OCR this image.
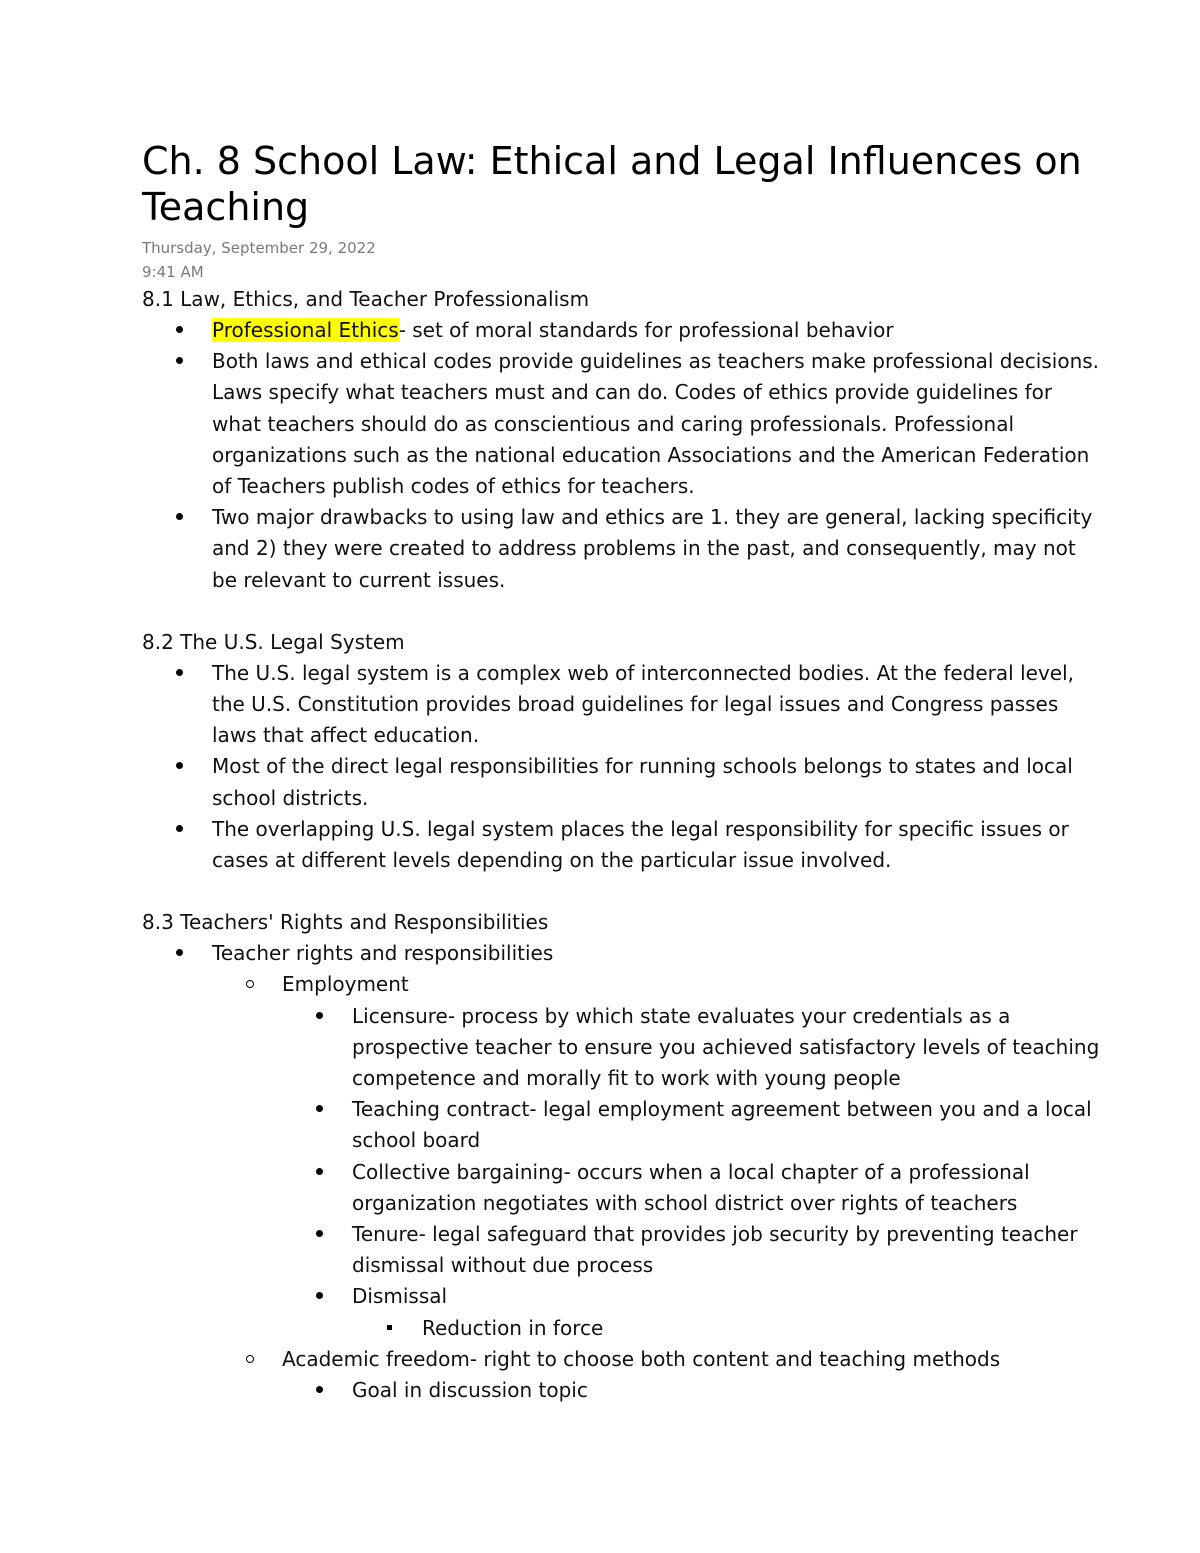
Ch. 8 School Law: Ethical and Legal Influences on Teaching
Thursday, September 29, 2022
9:41 AM
8.1 Law, Ethics, and Teacher Professionalism
Professional Ethics- set of moral standards for professional behavior
Both laws and ethical codes provide guidelines as teachers make professional decisions. Laws specify what teachers must and can do. Codes of ethics provide guidelines for what teachers should do as conscientious and caring professionals. Professional organizations such as the national education Associations and the American Federation of Teachers publish codes of ethics for teachers.
Two major drawbacks to using law and ethics are 1. they are general, lacking specificity and 2) they were created to address problems in the past, and consequently, may not be relevant to current issues.
8.2 The U.S. Legal System
The U.S. legal system is a complex web of interconnected bodies. At the federal level, the U.S. Constitution provides broad guidelines for legal issues and Congress passes laws that affect education.
Most of the direct legal responsibilities for running schools belongs to states and local school districts.
The overlapping U.S. legal system places the legal responsibility for specific issues or cases at different levels depending on the particular issue involved.
8.3 Teachers' Rights and Responsibilities
Teacher rights and responsibilities
Employment
Licensure- process by which state evaluates your credentials as a prospective teacher to ensure you achieved satisfactory levels of teaching competence and morally fit to work with young people
Teaching contract- legal employment agreement between you and a local school board
Collective bargaining- occurs when a local chapter of a professional organization negotiates with school district over rights of teachers
Tenure- legal safeguard that provides job security by preventing teacher dismissal without due process
Dismissal
Reduction in force
Academic freedom- right to choose both content and teaching methods
Goal in discussion topic
